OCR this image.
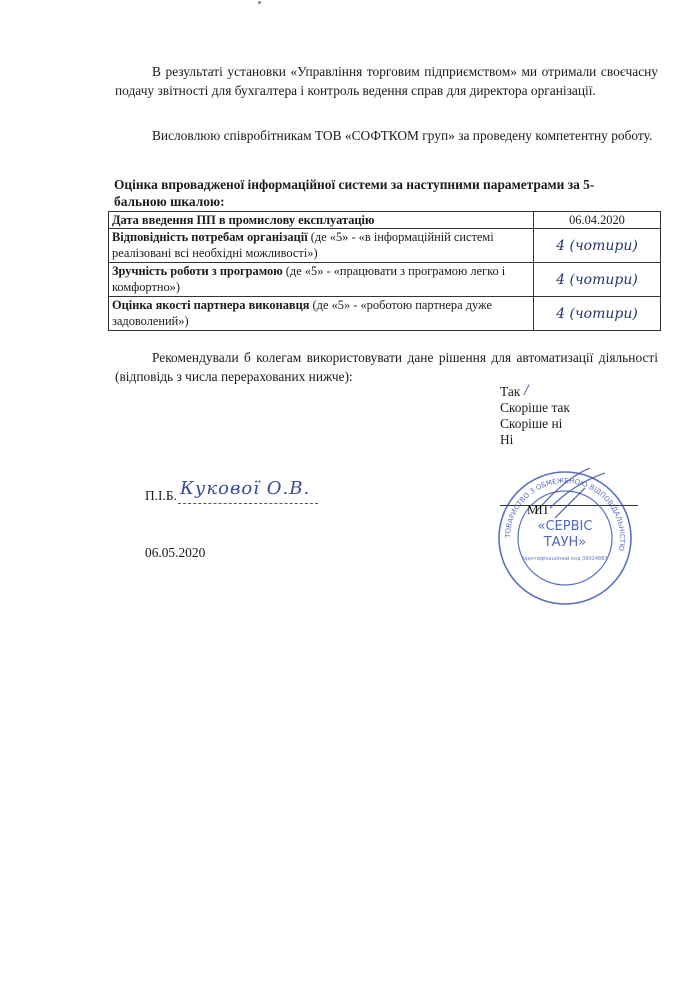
В результаті установки «Управління торговим підприємством» ми отримали своєчасну подачу звітності для бухгалтера і контроль ведення справ для директора організації.

Висловлюю співробітникам ТОВ «СОФТКОМ груп» за проведену компетентну роботу.

Оцінка впровадженої інформаційної системи за наступними параметрами за 5-бальною шкалою:
Дата введення ПП в промислову експлуатацію	06.04.2020
Відповідність потребам організації (де «5» - «в інформаційній системі реалізовані всі необхідні можливості»)	4 (чотири)
Зручність роботи з програмою (де «5» - «працювати з програмою легко і комфортно»)	4 (чотири)
Оцінка якості партнера виконавця (де «5» - «роботою партнера дуже задоволений»)	4 (чотири)

Рекомендували б колегам використовувати дане рішення для автоматизації діяльності (відповідь з числа перерахованих нижче):

Так
Скоріше так
Скоріше ні
Ні
/
П.І.Б. Кукової О.В.
06.05.2020
ТОВАРИСТВО З ОБМЕЖЕНОЮ ВІДПОВІДАЛЬНІСТЮ
«СЕРВІС
ТАУН»
Ідентифікаційний код 39024883
МП
